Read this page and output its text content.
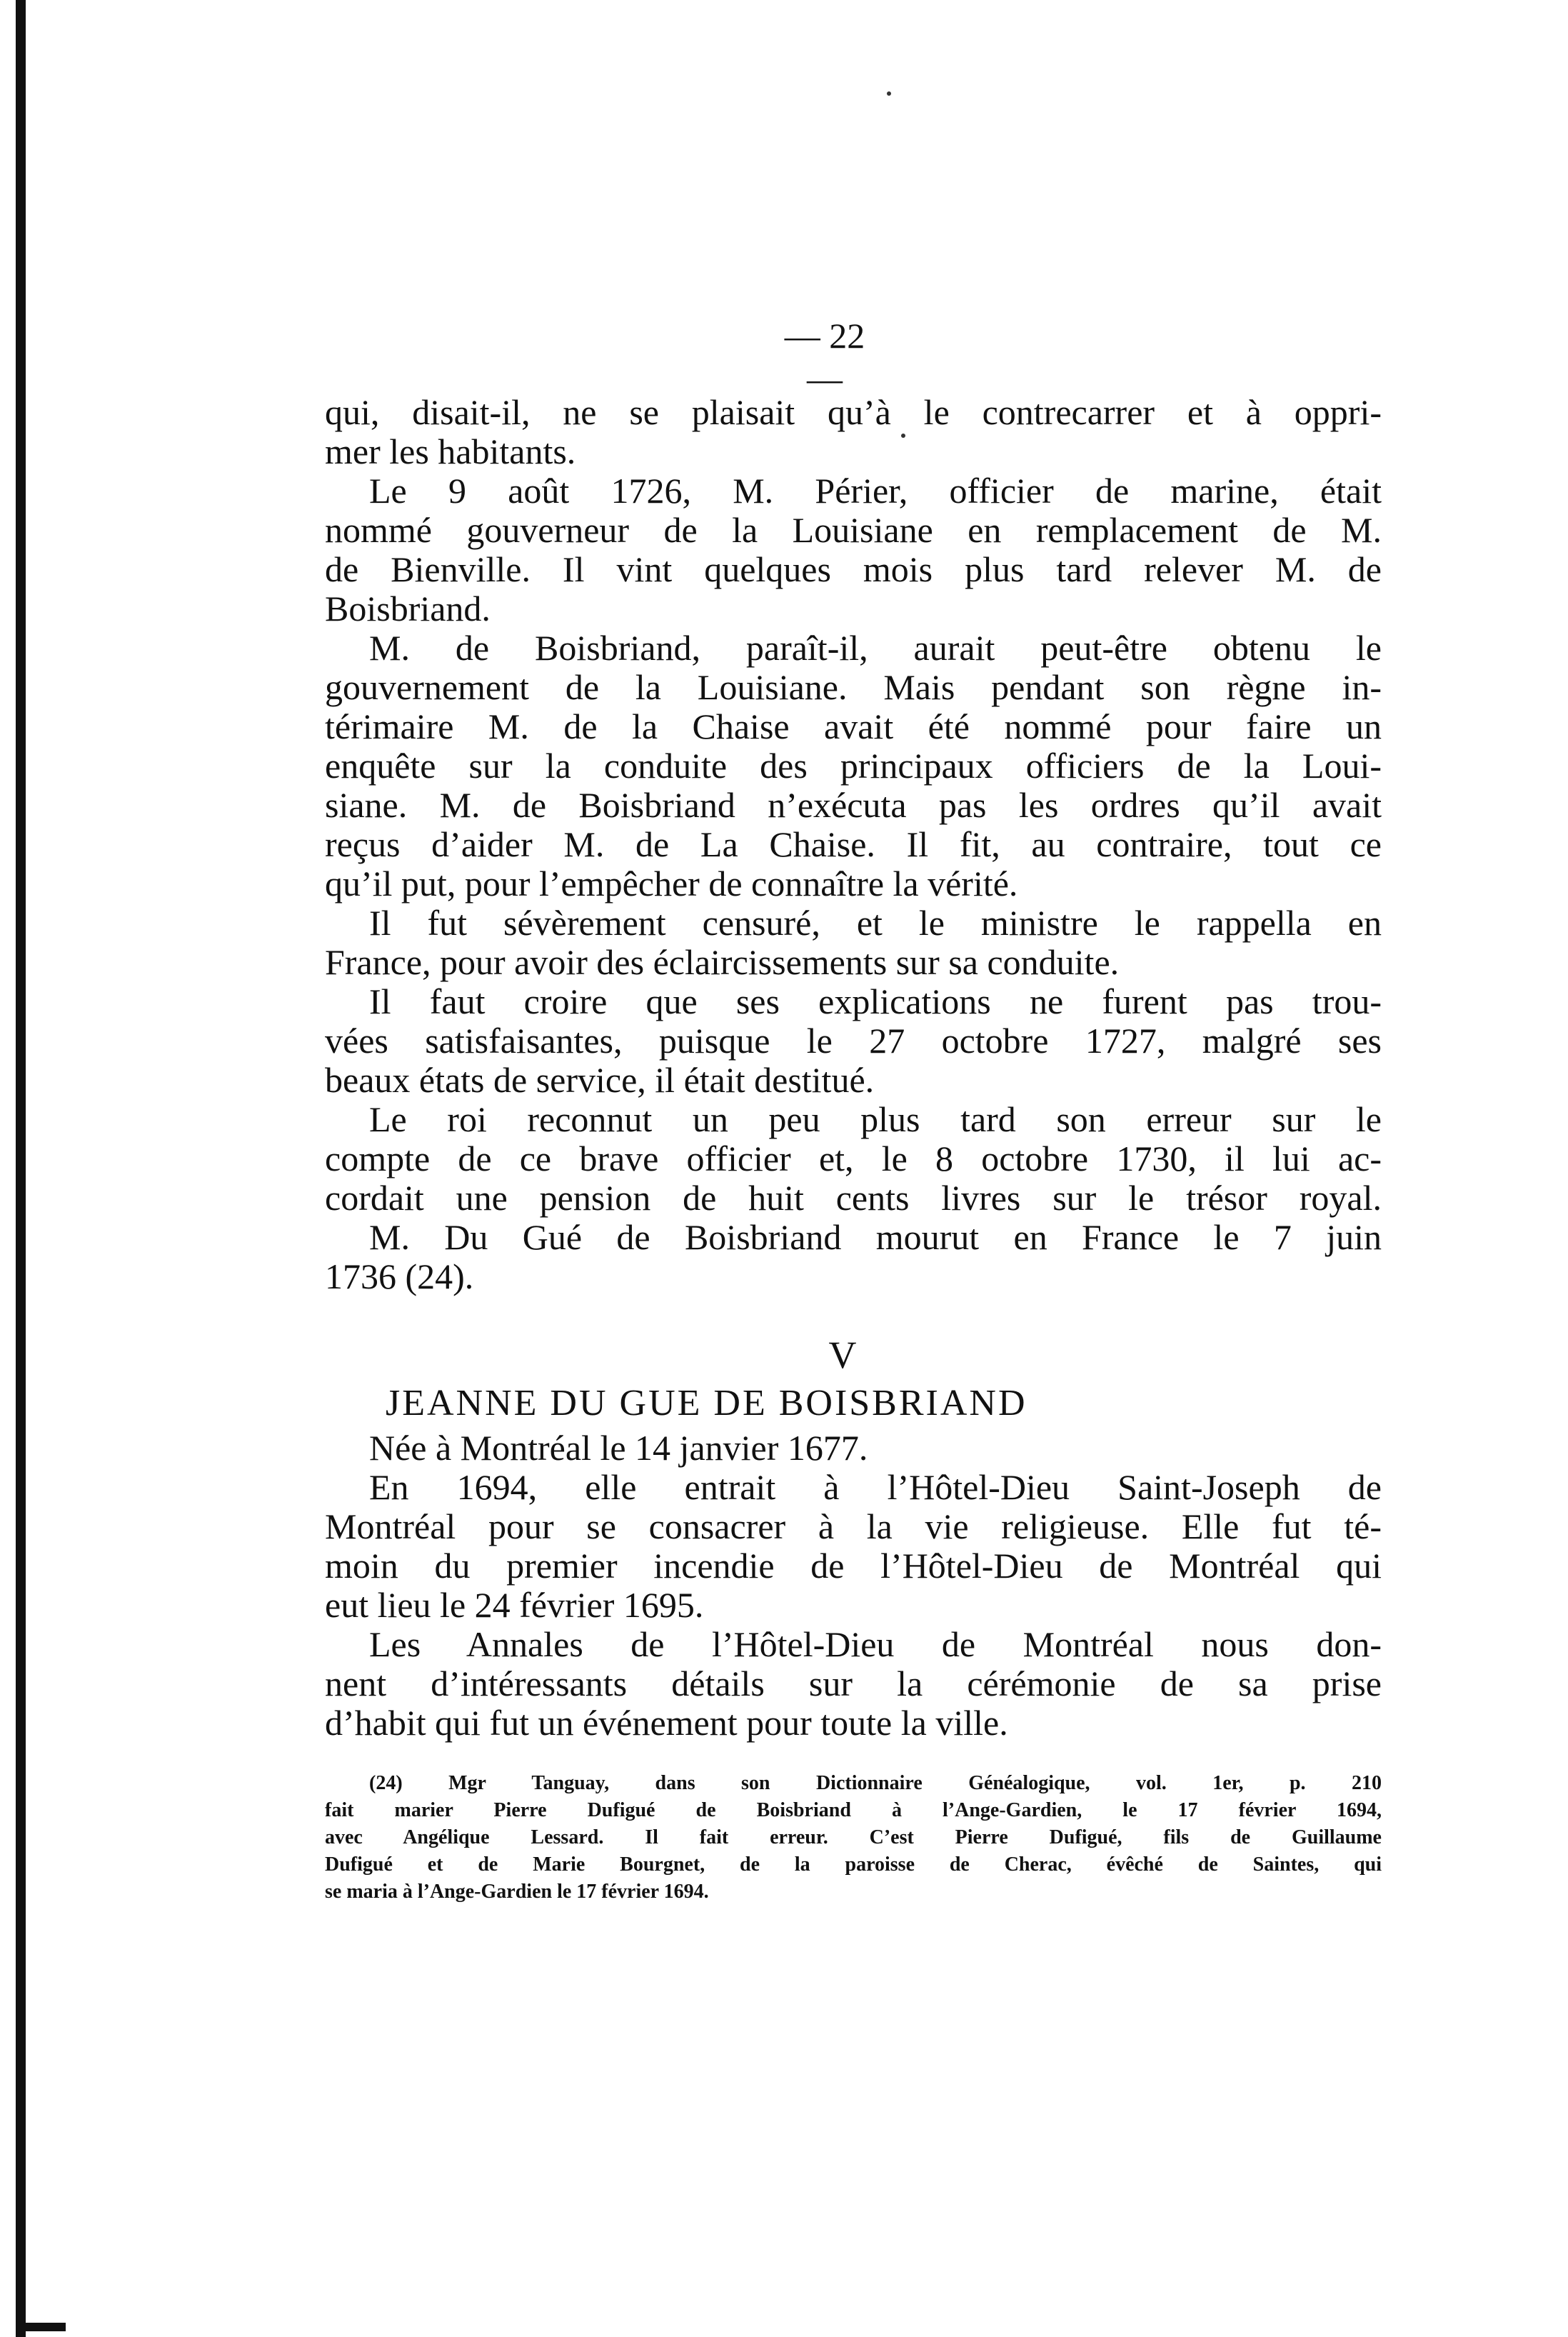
— 22 —
qui, disait-il, ne se plaisait qu’à le contrecarrer et à oppri-
mer les habitants.
Le 9 août 1726, M. Périer, officier de marine, était
nommé gouverneur de la Louisiane en remplacement de M.
de Bienville. Il vint quelques mois plus tard relever M. de
Boisbriand.
M. de Boisbriand, paraît-il, aurait peut-être obtenu le
gouvernement de la Louisiane. Mais pendant son règne in-
térimaire M. de la Chaise avait été nommé pour faire un
enquête sur la conduite des principaux officiers de la Loui-
siane. M. de Boisbriand n’exécuta pas les ordres qu’il avait
reçus d’aider M. de La Chaise. Il fit, au contraire, tout ce
qu’il put, pour l’empêcher de connaître la vérité.
Il fut sévèrement censuré, et le ministre le rappella en
France, pour avoir des éclaircissements sur sa conduite.
Il faut croire que ses explications ne furent pas trou-
vées satisfaisantes, puisque le 27 octobre 1727, malgré ses
beaux états de service, il était destitué.
Le roi reconnut un peu plus tard son erreur sur le
compte de ce brave officier et, le 8 octobre 1730, il lui ac-
cordait une pension de huit cents livres sur le trésor royal.
M. Du Gué de Boisbriand mourut en France le 7 juin
1736 (24).
V
JEANNE DU GUE DE BOISBRIAND
Née à Montréal le 14 janvier 1677.
En 1694, elle entrait à l’Hôtel-Dieu Saint-Joseph de
Montréal pour se consacrer à la vie religieuse. Elle fut té-
moin du premier incendie de l’Hôtel-Dieu de Montréal qui
eut lieu le 24 février 1695.
Les Annales de l’Hôtel-Dieu de Montréal nous don-
nent d’intéressants détails sur la cérémonie de sa prise
d’habit qui fut un événement pour toute la ville.
(24) Mgr Tanguay, dans son Dictionnaire Généalogique, vol. 1er, p. 210
fait marier Pierre Dufigué de Boisbriand à l’Ange-Gardien, le 17 février 1694,
avec Angélique Lessard. Il fait erreur. C’est Pierre Dufigué, fils de Guillaume
Dufigué et de Marie Bourgnet, de la paroisse de Cherac, évêché de Saintes, qui
se maria à l’Ange-Gardien le 17 février 1694.
